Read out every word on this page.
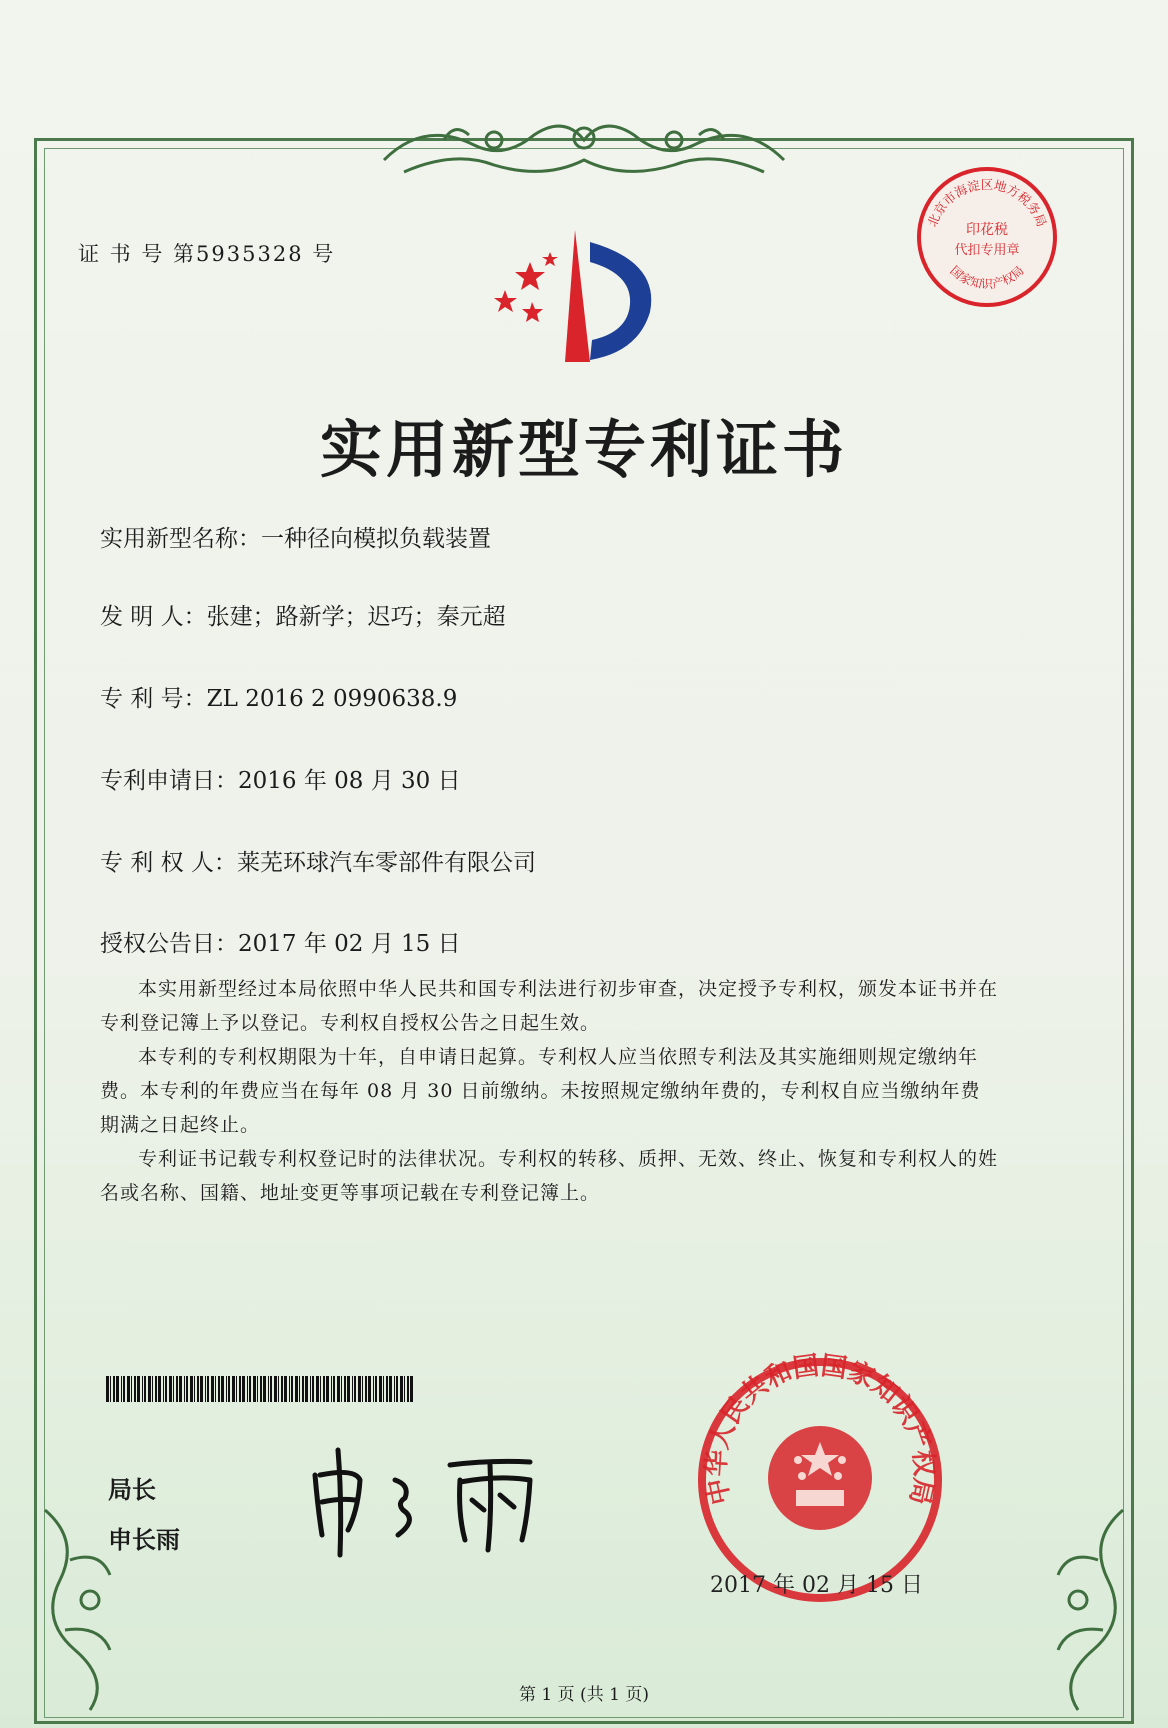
证 书 号 第5935328 号
实用新型专利证书
实用新型名称：一种径向模拟负载装置
发 明 人：张建；路新学；迟巧；秦元超
专 利 号：ZL 2016 2 0990638.9
专利申请日：2016 年 08 月 30 日
专 利 权 人：莱芜环球汽车零部件有限公司
授权公告日：2017 年 02 月 15 日

本实用新型经过本局依照中华人民共和国专利法进行初步审查，决定授予专利权，颁发本证书并在专利登记簿上予以登记。专利权自授权公告之日起生效。

本专利的专利权期限为十年，自申请日起算。专利权人应当依照专利法及其实施细则规定缴纳年费。本专利的年费应当在每年 08 月 30 日前缴纳。未按照规定缴纳年费的，专利权自应当缴纳年费期满之日起终止。

专利证书记载专利权登记时的法律状况。专利权的转移、质押、无效、终止、恢复和专利权人的姓名或名称、国籍、地址变更等事项记载在专利登记簿上。

局长
申长雨
中华人民共和国国家知识产权局
2017 年 02 月 15 日
北京市海淀区地方税务局
印花税
代扣专用章
国家知识产权局
第 1 页 (共 1 页)
